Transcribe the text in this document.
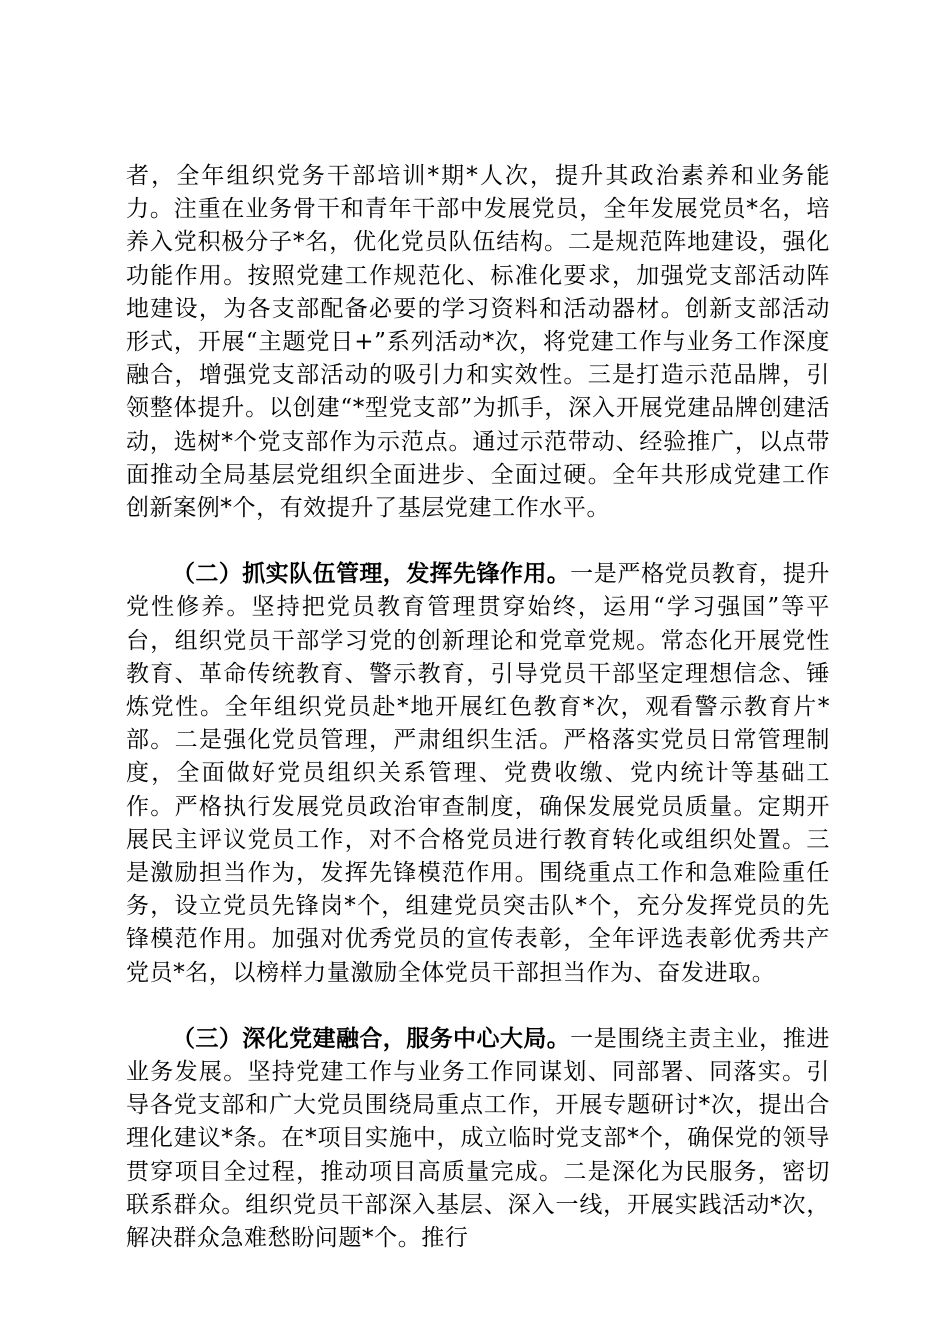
者，全年组织党务干部培训*期*人次，提升其政治素养和业务能力。注重在业务骨干和青年干部中发展党员，全年发展党员*名，培养入党积极分子*名，优化党员队伍结构。二是规范阵地建设，强化功能作用。按照党建工作规范化、标准化要求，加强党支部活动阵地建设，为各支部配备必要的学习资料和活动器材。创新支部活动形式，开展“主题党日+”系列活动*次，将党建工作与业务工作深度融合，增强党支部活动的吸引力和实效性。三是打造示范品牌，引领整体提升。以创建“*型党支部”为抓手，深入开展党建品牌创建活动，选树*个党支部作为示范点。通过示范带动、经验推广，以点带面推动全局基层党组织全面进步、全面过硬。全年共形成党建工作创新案例*个，有效提升了基层党建工作水平。

（二）抓实队伍管理，发挥先锋作用。一是严格党员教育，提升党性修养。坚持把党员教育管理贯穿始终，运用“学习强国”等平台，组织党员干部学习党的创新理论和党章党规。常态化开展党性教育、革命传统教育、警示教育，引导党员干部坚定理想信念、锤炼党性。全年组织党员赴*地开展红色教育*次，观看警示教育片*部。二是强化党员管理，严肃组织生活。严格落实党员日常管理制度，全面做好党员组织关系管理、党费收缴、党内统计等基础工作。严格执行发展党员政治审查制度，确保发展党员质量。定期开展民主评议党员工作，对不合格党员进行教育转化或组织处置。三是激励担当作为，发挥先锋模范作用。围绕重点工作和急难险重任务，设立党员先锋岗*个，组建党员突击队*个，充分发挥党员的先锋模范作用。加强对优秀党员的宣传表彰，全年评选表彰优秀共产党员*名，以榜样力量激励全体党员干部担当作为、奋发进取。

（三）深化党建融合，服务中心大局。一是围绕主责主业，推进业务发展。坚持党建工作与业务工作同谋划、同部署、同落实。引导各党支部和广大党员围绕局重点工作，开展专题研讨*次，提出合理化建议*条。在*项目实施中，成立临时党支部*个，确保党的领导贯穿项目全过程，推动项目高质量完成。二是深化为民服务，密切联系群众。组织党员干部深入基层、深入一线，开展实践活动*次，解决群众急难愁盼问题*个。推行
